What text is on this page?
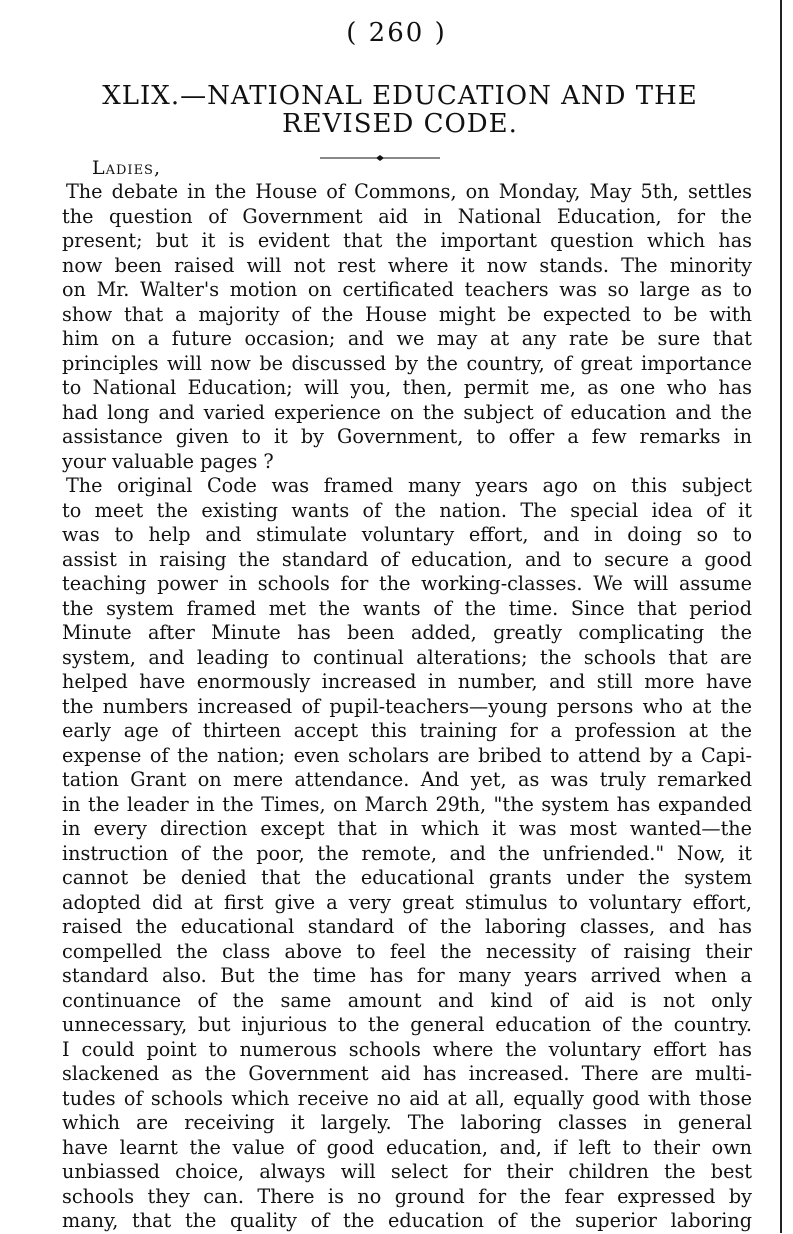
( 260 )
XLIX.—NATIONAL EDUCATION AND THE
REVISED CODE.
Ladies,
The debate in the House of Commons, on Monday, May 5th, settles
the question of Government aid in National Education, for the
present; but it is evident that the important question which has
now been raised will not rest where it now stands. The minority
on Mr. Walter's motion on certificated teachers was so large as to
show that a majority of the House might be expected to be with
him on a future occasion; and we may at any rate be sure that
principles will now be discussed by the country, of great importance
to National Education; will you, then, permit me, as one who has
had long and varied experience on the subject of education and the
assistance given to it by Government, to offer a few remarks in
your valuable pages ?
The original Code was framed many years ago on this subject
to meet the existing wants of the nation. The special idea of it
was to help and stimulate voluntary effort, and in doing so to
assist in raising the standard of education, and to secure a good
teaching power in schools for the working-classes. We will assume
the system framed met the wants of the time. Since that period
Minute after Minute has been added, greatly complicating the
system, and leading to continual alterations; the schools that are
helped have enormously increased in number, and still more have
the numbers increased of pupil-teachers—young persons who at the
early age of thirteen accept this training for a profession at the
expense of the nation; even scholars are bribed to attend by a Capi-
tation Grant on mere attendance. And yet, as was truly remarked
in the leader in the Times, on March 29th, "the system has expanded
in every direction except that in which it was most wanted—the
instruction of the poor, the remote, and the unfriended." Now, it
cannot be denied that the educational grants under the system
adopted did at first give a very great stimulus to voluntary effort,
raised the educational standard of the laboring classes, and has
compelled the class above to feel the necessity of raising their
standard also. But the time has for many years arrived when a
continuance of the same amount and kind of aid is not only
unnecessary, but injurious to the general education of the country.
I could point to numerous schools where the voluntary effort has
slackened as the Government aid has increased. There are multi-
tudes of schools which receive no aid at all, equally good with those
which are receiving it largely. The laboring classes in general
have learnt the value of good education, and, if left to their own
unbiassed choice, always will select for their children the best
schools they can. There is no ground for the fear expressed by
many, that the quality of the education of the superior laboring
